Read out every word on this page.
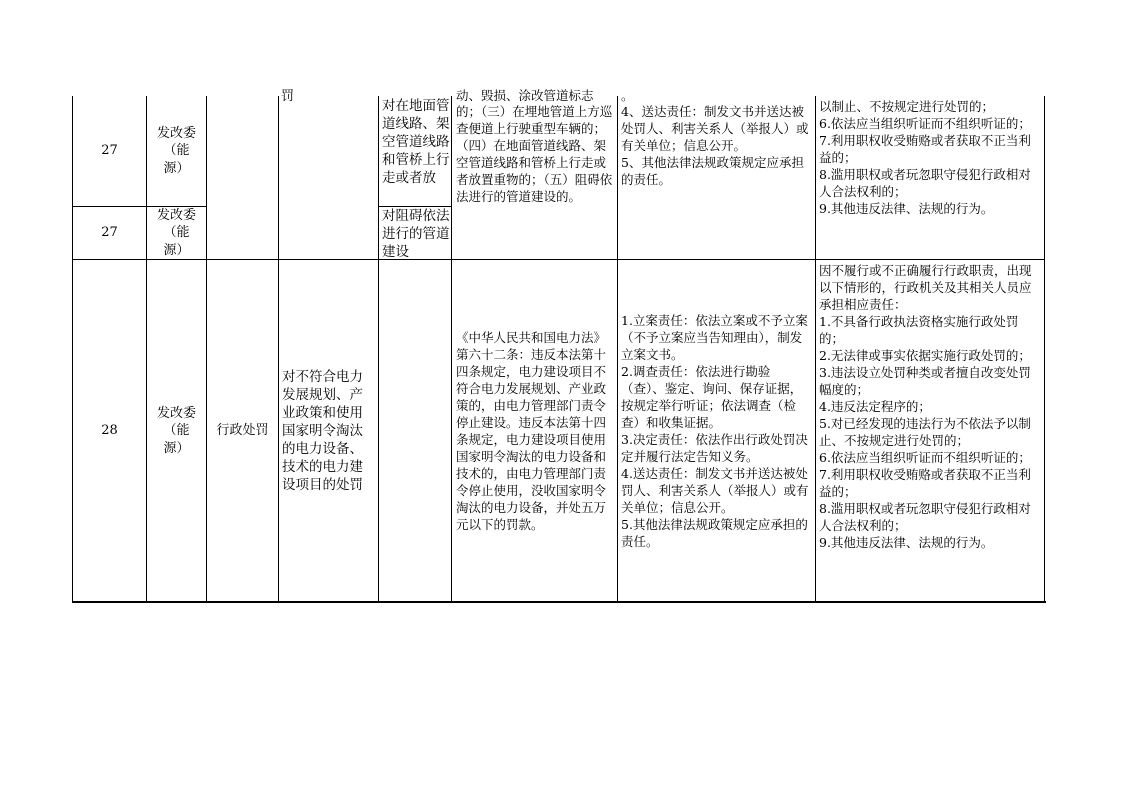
27
发改委
（能
源）
27
发改委
（能
源）
罚
对在地面管道线路、架空管道线路和管桥上行走或者放
对阻碍依法进行的管道建设
动、毁损、涂改管道标志
的；（三）在埋地管道上方巡查便道上行驶重型车辆的；（四）在地面管道线路、架空管道线路和管桥上行走或者放置重物的；（五）阻碍依法进行的管道建设的。
。
4、送达责任：制发文书并送达被处罚人、利害关系人（举报人）或有关单位；信息公开。
5、其他法律法规政策规定应承担的责任。
以制止、不按规定进行处罚的；
6.依法应当组织听证而不组织听证的；
7.利用职权收受贿赂或者获取不正当利益的；
8.滥用职权或者玩忽职守侵犯行政相对人合法权利的；
9.其他违反法律、法规的行为。
28
发改委
（能
源）
行政处罚
对不符合电力发展规划、产业政策和使用国家明令淘汰的电力设备、技术的电力建设项目的处罚
《中华人民共和国电力法》第六十二条：违反本法第十四条规定，电力建设项目不符合电力发展规划、产业政策的，由电力管理部门责令停止建设。违反本法第十四条规定，电力建设项目使用国家明令淘汰的电力设备和技术的，由电力管理部门责令停止使用，没收国家明令淘汰的电力设备，并处五万元以下的罚款。
1.立案责任：依法立案或不予立案（不予立案应当告知理由），制发立案文书。
2.调查责任：依法进行勘验（查）、鉴定、询问、保存证据，按规定举行听证；依法调查（检查）和收集证据。
3.决定责任：依法作出行政处罚决定并履行法定告知义务。
4.送达责任：制发文书并送达被处罚人、利害关系人（举报人）或有关单位；信息公开。
5.其他法律法规政策规定应承担的责任。
因不履行或不正确履行行政职责，出现以下情形的，行政机关及其相关人员应承担相应责任：
1.不具备行政执法资格实施行政处罚的；
2.无法律或事实依据实施行政处罚的；
3.违法设立处罚种类或者擅自改变处罚幅度的；
4.违反法定程序的；
5.对已经发现的违法行为不依法予以制止、不按规定进行处罚的；
6.依法应当组织听证而不组织听证的；
7.利用职权收受贿赂或者获取不正当利益的；
8.滥用职权或者玩忽职守侵犯行政相对人合法权利的；
9.其他违反法律、法规的行为。
